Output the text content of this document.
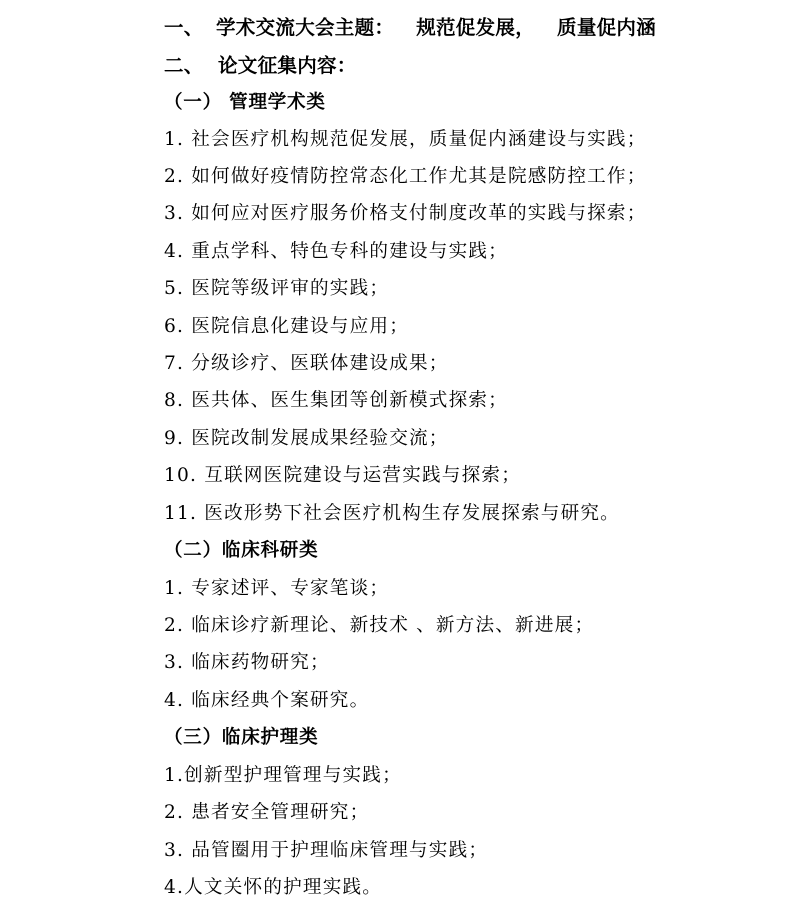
一、 学术交流大会主题： 规范促发展， 质量促内涵
二、 论文征集内容：
（一） 管理学术类
1. 社会医疗机构规范促发展，质量促内涵建设与实践；
2. 如何做好疫情防控常态化工作尤其是院感防控工作；
3. 如何应对医疗服务价格支付制度改革的实践与探索；
4. 重点学科、特色专科的建设与实践；
5. 医院等级评审的实践；
6. 医院信息化建设与应用；
7. 分级诊疗、医联体建设成果；
8. 医共体、医生集团等创新模式探索；
9. 医院改制发展成果经验交流；
10. 互联网医院建设与运营实践与探索；
11. 医改形势下社会医疗机构生存发展探索与研究。
（二）临床科研类
1. 专家述评、专家笔谈；
2. 临床诊疗新理论、新技术 、新方法、新进展；
3. 临床药物研究；
4. 临床经典个案研究。
（三）临床护理类
1.创新型护理管理与实践；
2. 患者安全管理研究；
3. 品管圈用于护理临床管理与实践；
4.人文关怀的护理实践。
